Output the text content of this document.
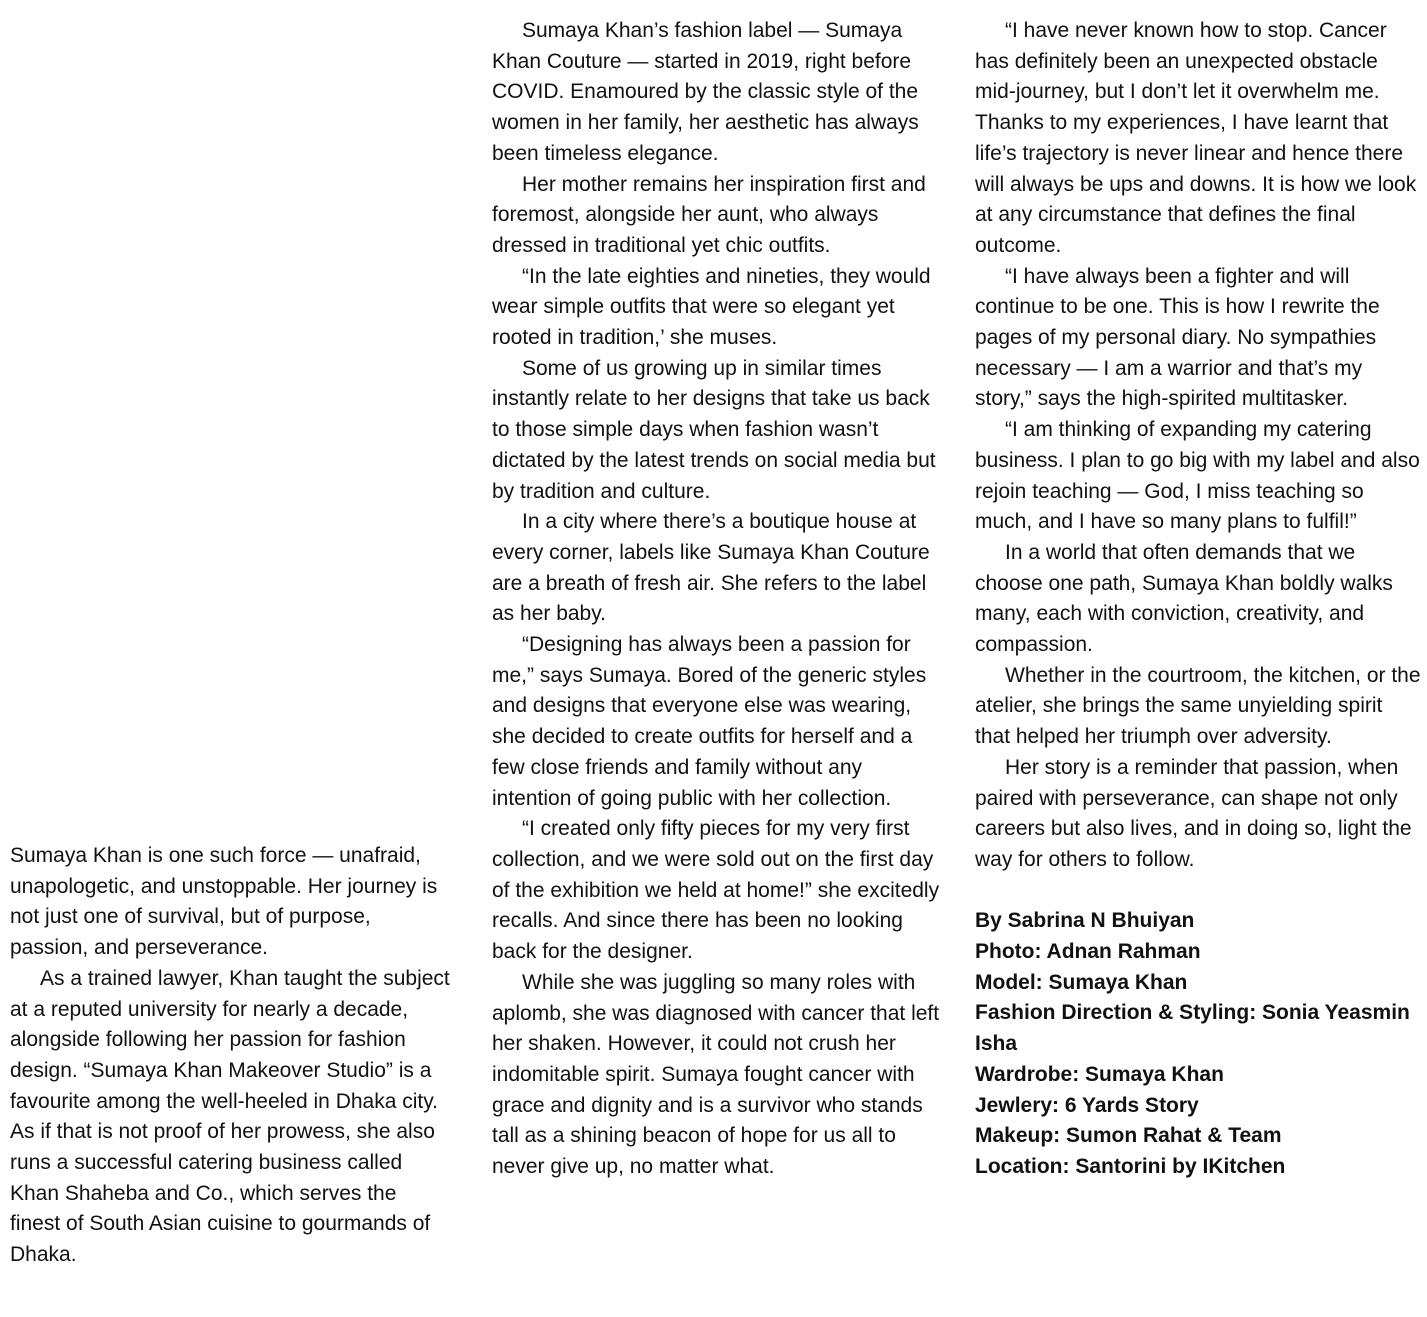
Sumaya Khan is one such force — unafraid, unapologetic, and unstoppable. Her journey is not just one of survival, but of purpose, passion, and perseverance.

As a trained lawyer, Khan taught the subject at a reputed university for nearly a decade, alongside following her passion for fashion design. “Sumaya Khan Makeover Studio” is a favourite among the well-heeled in Dhaka city. As if that is not proof of her prowess, she also runs a successful catering business called Khan Shaheba and Co., which serves the finest of South Asian cuisine to gourmands of Dhaka.

Sumaya Khan’s fashion label — Sumaya Khan Couture — started in 2019, right before COVID. Enamoured by the classic style of the women in her family, her aesthetic has always been timeless elegance.

Her mother remains her inspiration first and foremost, alongside her aunt, who always dressed in traditional yet chic outfits.

“In the late eighties and nineties, they would wear simple outfits that were so elegant yet rooted in tradition,’ she muses.

Some of us growing up in similar times instantly relate to her designs that take us back to those simple days when fashion wasn’t dictated by the latest trends on social media but by tradition and culture.

In a city where there’s a boutique house at every corner, labels like Sumaya Khan Couture are a breath of fresh air. She refers to the label as her baby.

“Designing has always been a passion for me,” says Sumaya. Bored of the generic styles and designs that everyone else was wearing, she decided to create outfits for herself and a few close friends and family without any intention of going public with her collection.

“I created only fifty pieces for my very first collection, and we were sold out on the first day of the exhibition we held at home!” she excitedly recalls. And since there has been no looking back for the designer.

While she was juggling so many roles with aplomb, she was diagnosed with cancer that left her shaken. However, it could not crush her indomitable spirit. Sumaya fought cancer with grace and dignity and is a survivor who stands tall as a shining beacon of hope for us all to never give up, no matter what.

“I have never known how to stop. Cancer has definitely been an unexpected obstacle mid-journey, but I don’t let it overwhelm me. Thanks to my experiences, I have learnt that life’s trajectory is never linear and hence there will always be ups and downs. It is how we look at any circumstance that defines the final outcome.

“I have always been a fighter and will continue to be one. This is how I rewrite the pages of my personal diary. No sympathies necessary — I am a warrior and that’s my story,” says the high-spirited multitasker.

“I am thinking of expanding my catering business. I plan to go big with my label and also rejoin teaching — God, I miss teaching so much, and I have so many plans to fulfil!”

In a world that often demands that we choose one path, Sumaya Khan boldly walks many, each with conviction, creativity, and compassion.

Whether in the courtroom, the kitchen, or the atelier, she brings the same unyielding spirit that helped her triumph over adversity.

Her story is a reminder that passion, when paired with perseverance, can shape not only careers but also lives, and in doing so, light the way for others to follow.

By Sabrina N Bhuiyan
Photo: Adnan Rahman
Model: Sumaya Khan
Fashion Direction & Styling: Sonia Yeasmin Isha
Wardrobe: Sumaya Khan
Jewlery: 6 Yards Story
Makeup: Sumon Rahat & Team
Location: Santorini by IKitchen
